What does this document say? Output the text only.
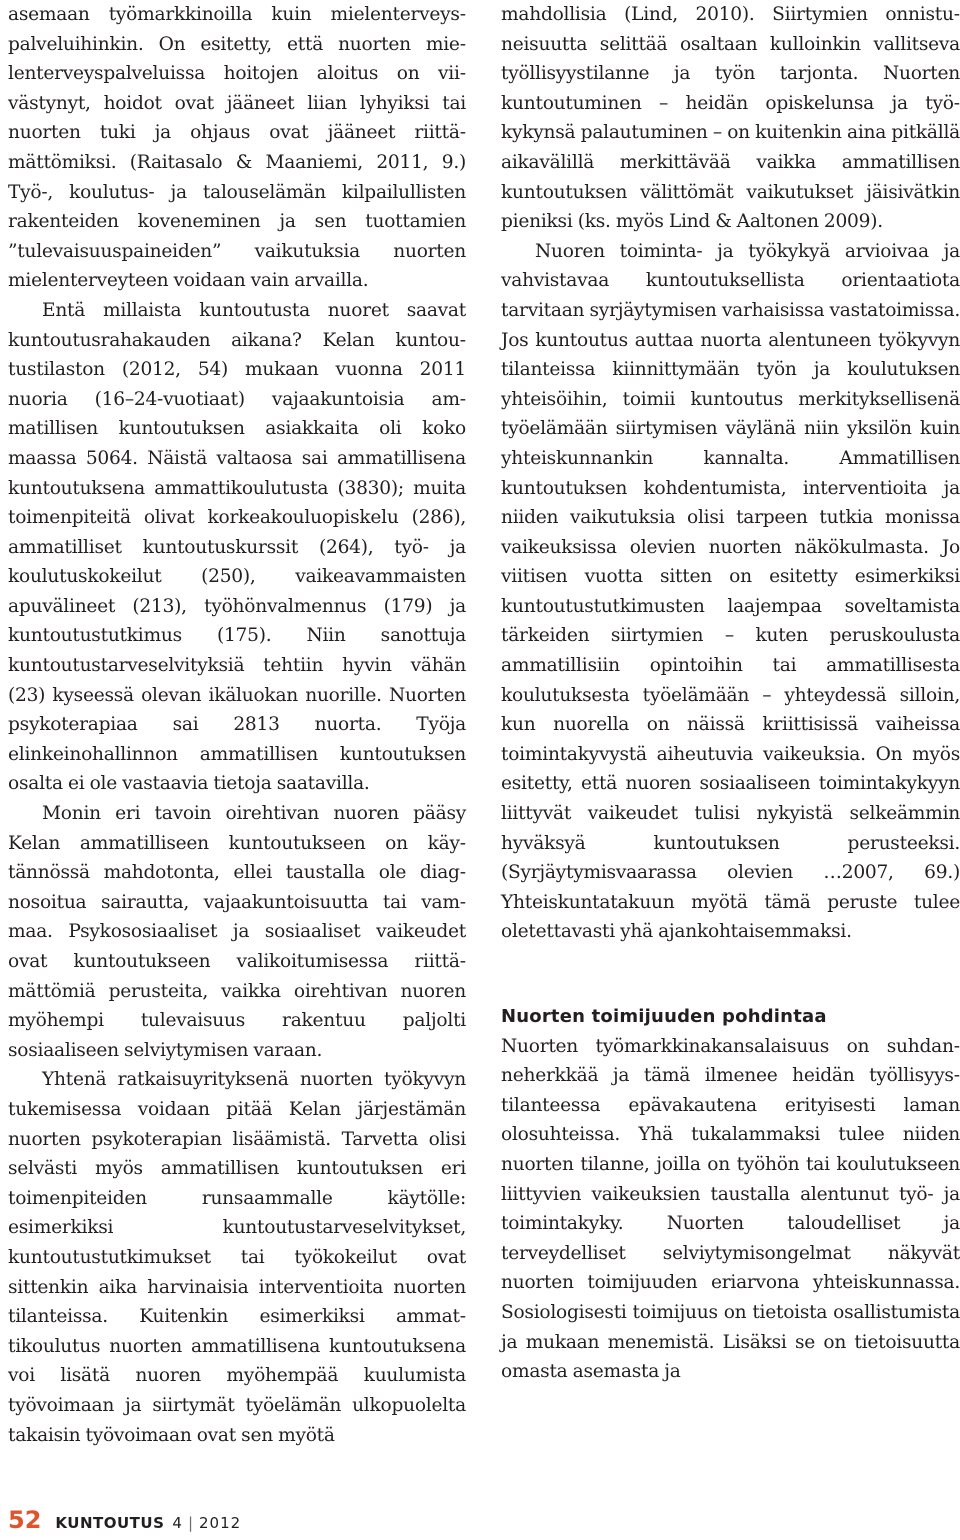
asemaan työmarkkinoilla kuin mielenterveyspalveluihinkin. On esitetty, että nuorten mielenterveyspalveluissa hoitojen aloitus on viivästynyt, hoidot ovat jääneet liian lyhyiksi tai nuorten tuki ja ohjaus ovat jääneet riittämättömiksi. (Raitasalo & Maaniemi, 2011, 9.) Työ-, koulutus- ja talouselämän kilpailullisten rakenteiden koveneminen ja sen tuottamien ”tulevaisuuspaineiden” vaikutuksia nuorten mielenterveyteen voidaan vain arvailla.

Entä millaista kuntoutusta nuoret saavat kuntoutusrahakauden aikana? Kelan kuntoutustilaston (2012, 54) mukaan vuonna 2011 nuoria (16–24-vuotiaat) vajaakuntoisia ammatillisen kuntoutuksen asiakkaita oli koko maassa 5064. Näistä valtaosa sai ammatillisena kuntoutuksena ammattikoulutusta (3830); muita toimenpiteitä olivat korkeakouluopiskelu (286), ammatilliset kuntoutuskurssit (264), työ- ja koulutuskokeilut (250), vaikeavammaisten apuvälineet (213), työhönvalmennus (179) ja kuntoutustutkimus (175). Niin sanottuja kuntoutustarveselvityksiä tehtiin hyvin vähän (23) kyseessä olevan ikäluokan nuorille. Nuorten psykoterapiaa sai 2813 nuorta. Työja elinkeinohallinnon ammatillisen kuntoutuksen osalta ei ole vastaavia tietoja saatavilla.

Monin eri tavoin oirehtivan nuoren pääsy Kelan ammatilliseen kuntoutukseen on käytännössä mahdotonta, ellei taustalla ole diagnosoitua sairautta, vajaakuntoisuutta tai vammaa. Psykososiaaliset ja sosiaaliset vaikeudet ovat kuntoutukseen valikoitumisessa riittämättömiä perusteita, vaikka oirehtivan nuoren myöhempi tulevaisuus rakentuu paljolti sosiaaliseen selviytymisen varaan.

Yhtenä ratkaisuyrityksenä nuorten työkyvyn tukemisessa voidaan pitää Kelan järjestämän nuorten psykoterapian lisäämistä. Tarvetta olisi selvästi myös ammatillisen kuntoutuksen eri toimenpiteiden runsaammalle käytölle: esimerkiksi kuntoutustarveselvitykset, kuntoutustutkimukset tai työkokeilut ovat sittenkin aika harvinaisia interventioita nuorten tilanteissa. Kuitenkin esimerkiksi ammattikoulutus nuorten ammatillisena kuntoutuksena voi lisätä nuoren myöhempää kuulumista työvoimaan ja siirtymät työelämän ulkopuolelta takaisin työvoimaan ovat sen myötä

mahdollisia (Lind, 2010). Siirtymien onnistuneisuutta selittää osaltaan kulloinkin vallitseva työllisyystilanne ja työn tarjonta. Nuorten kuntoutuminen – heidän opiskelunsa ja työkykynsä palautuminen – on kuitenkin aina pitkällä aikavälillä merkittävää vaikka ammatillisen kuntoutuksen välittömät vaikutukset jäisivätkin pieniksi (ks. myös Lind & Aaltonen 2009).

Nuoren toiminta- ja työkykyä arvioivaa ja vahvistavaa kuntoutuksellista orientaatiota tarvitaan syrjäytymisen varhaisissa vastatoimissa. Jos kuntoutus auttaa nuorta alentuneen työkyvyn tilanteissa kiinnittymään työn ja koulutuksen yhteisöihin, toimii kuntoutus merkityksellisenä työelämään siirtymisen väylänä niin yksilön kuin yhteiskunnankin kannalta. Ammatillisen kuntoutuksen kohdentumista, interventioita ja niiden vaikutuksia olisi tarpeen tutkia monissa vaikeuksissa olevien nuorten näkökulmasta. Jo viitisen vuotta sitten on esitetty esimerkiksi kuntoutustutkimusten laajempaa soveltamista tärkeiden siirtymien – kuten peruskoulusta ammatillisiin opintoihin tai ammatillisesta koulutuksesta työelämään – yhteydessä silloin, kun nuorella on näissä kriittisissä vaiheissa toimintakyvystä aiheutuvia vaikeuksia. On myös esitetty, että nuoren sosiaaliseen toimintakykyyn liittyvät vaikeudet tulisi nykyistä selkeämmin hyväksyä kuntoutuksen perusteeksi. (Syrjäytymisvaarassa olevien …2007, 69.) Yhteiskuntatakuun myötä tämä peruste tulee oletettavasti yhä ajankohtaisemmaksi.

Nuorten toimijuuden pohdintaa

Nuorten työmarkkinakansalaisuus on suhdanneherkkää ja tämä ilmenee heidän työllisyystilanteessa epävakautena erityisesti laman olosuhteissa. Yhä tukalammaksi tulee niiden nuorten tilanne, joilla on työhön tai koulutukseen liittyvien vaikeuksien taustalla alentunut työ- ja toimintakyky. Nuorten taloudelliset ja terveydelliset selviytymisongelmat näkyvät nuorten toimijuuden eriarvona yhteiskunnassa. Sosiologisesti toimijuus on tietoista osallistumista ja mukaan menemistä. Lisäksi se on tietoisuutta omasta asemasta ja

52 KUNTOUTUS 4 | 2012
